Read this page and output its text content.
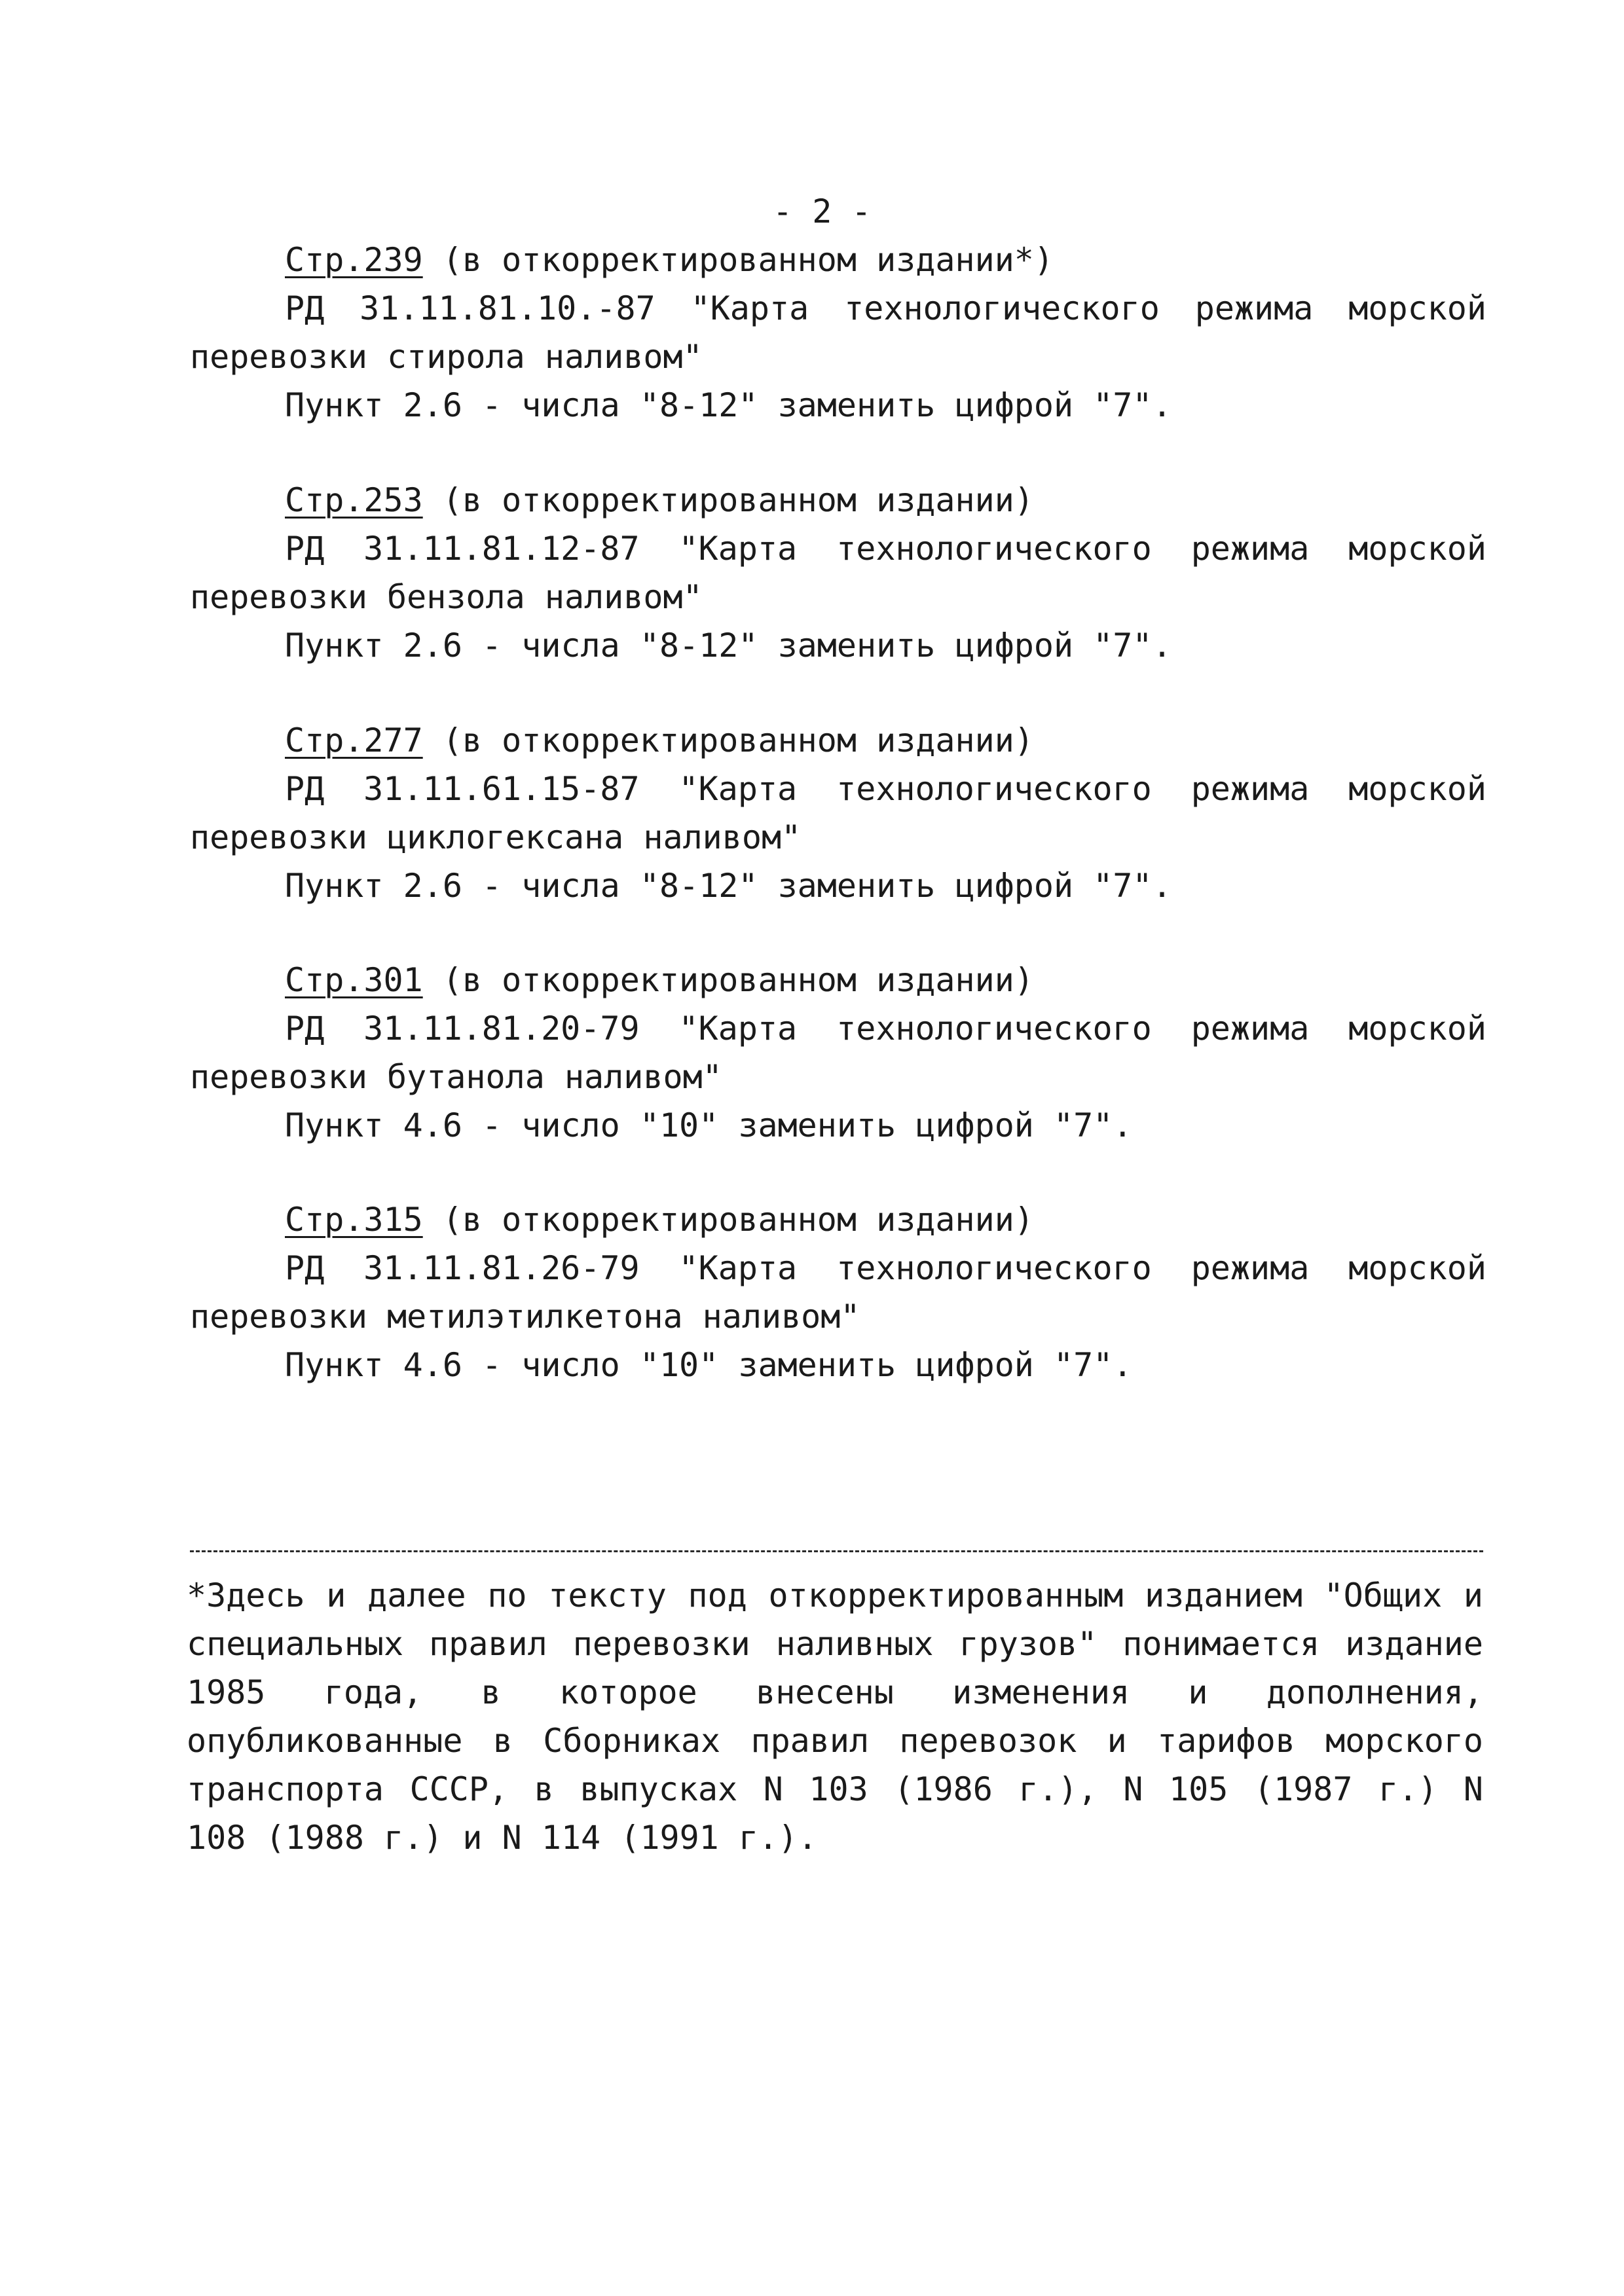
- 2 -
Стр.239 (в откорректированном издании*)
РД 31.11.81.10.-87 "Карта технологического режима морской перевозки стирола наливом"
Пункт 2.6 - числа "8-12" заменить цифрой "7".
Стр.253 (в откорректированном издании)
РД 31.11.81.12-87 "Карта технологического режима морской перевозки бензола наливом"
Пункт 2.6 - числа "8-12" заменить цифрой "7".
Стр.277 (в откорректированном издании)
РД 31.11.61.15-87 "Карта технологического режима морской перевозки циклогексана наливом"
Пункт 2.6 - числа "8-12" заменить цифрой "7".
Стр.301 (в откорректированном издании)
РД 31.11.81.20-79 "Карта технологического режима морской перевозки бутанола наливом"
Пункт 4.6 - число "10" заменить цифрой "7".
Стр.315 (в откорректированном издании)
РД 31.11.81.26-79 "Карта технологического режима морской перевозки метилэтилкетона наливом"
Пункт 4.6 - число "10" заменить цифрой "7".
*Здесь и далее по тексту под откорректированным изданием "Общих и специальных правил перевозки наливных грузов" понимается издание 1985 года, в которое внесены изменения и дополнения, опубликованные в Сборниках правил перевозок и тарифов морского транспорта СССР, в выпусках N 103 (1986 г.), N 105 (1987 г.) N 108 (1988 г.) и N 114 (1991 г.).
